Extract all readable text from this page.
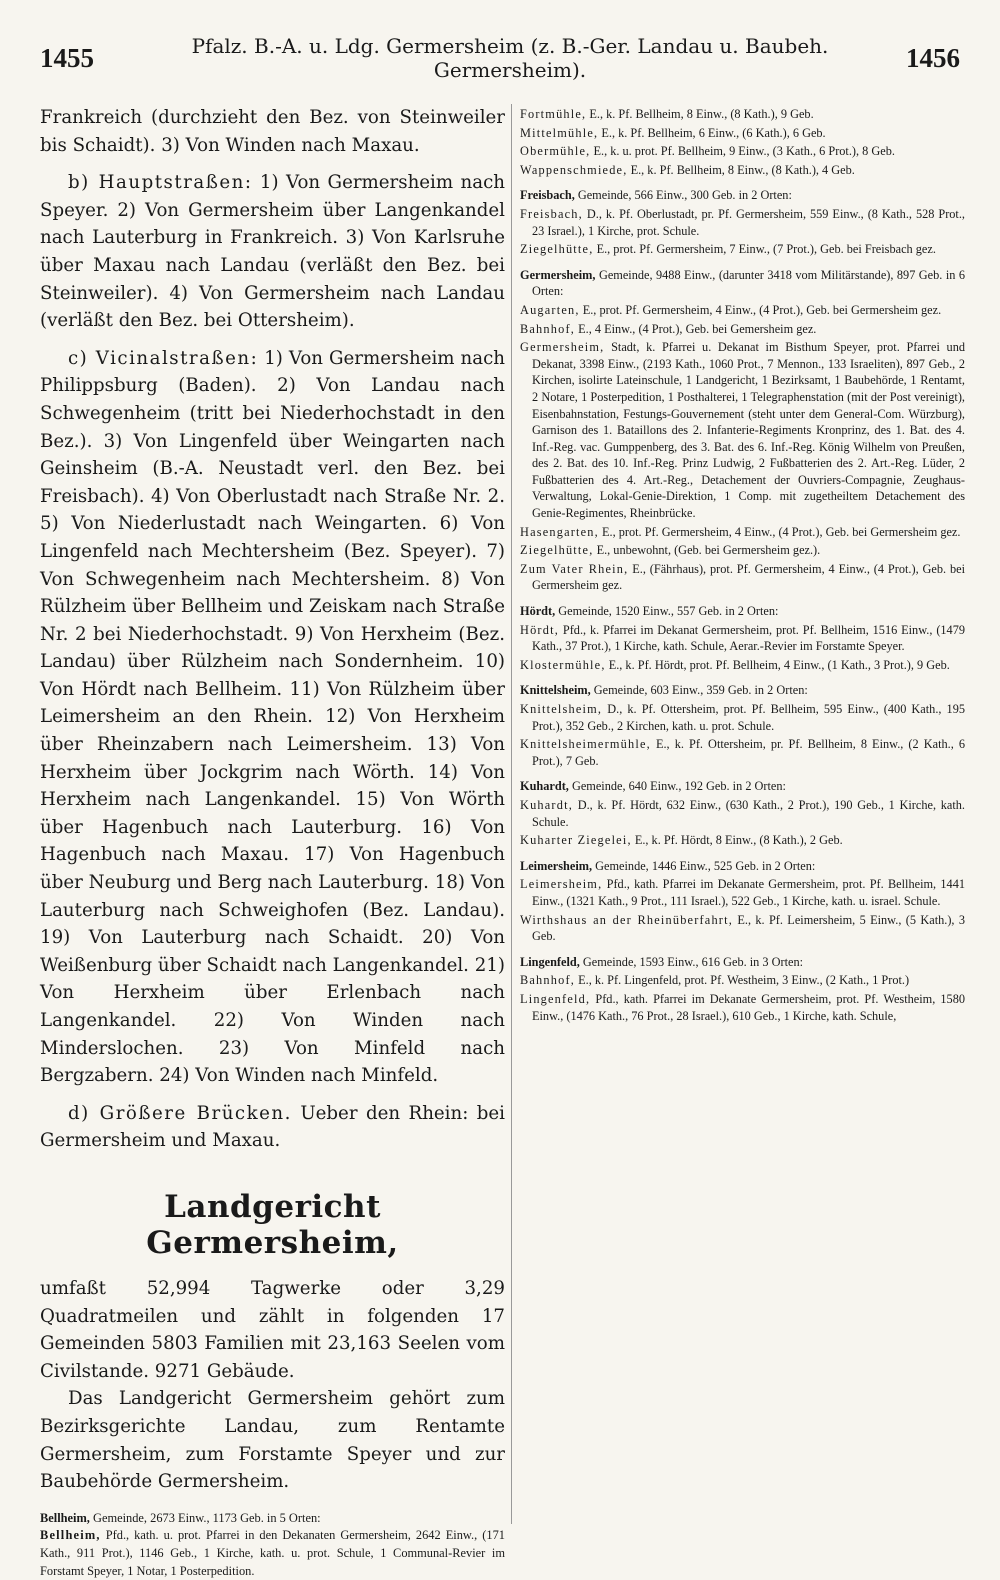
1455	Pfalz. B.-A. u. Ldg. Germersheim (z. B.-Ger. Landau u. Baubeh. Germersheim).	1456

Frankreich (durchzieht den Bez. von Steinweiler bis Schaidt). 3) Von Winden nach Maxau.

b) Hauptstraßen: 1) Von Germersheim nach Speyer. 2) Von Germersheim über Langenkandel nach Lauterburg in Frankreich. 3) Von Karlsruhe über Maxau nach Landau (verläßt den Bez. bei Steinweiler). 4) Von Germersheim nach Landau (verläßt den Bez. bei Ottersheim).

c) Vicinalstraßen: 1) Von Germersheim nach Philippsburg (Baden). 2) Von Landau nach Schwegenheim (tritt bei Niederhochstadt in den Bez.). 3) Von Lingenfeld über Weingarten nach Geinsheim (B.-A. Neustadt verl. den Bez. bei Freisbach). 4) Von Oberlustadt nach Straße Nr. 2. 5) Von Niederlustadt nach Weingarten. 6) Von Lingenfeld nach Mechtersheim (Bez. Speyer). 7) Von Schwegenheim nach Mechtersheim. 8) Von Rülzheim über Bellheim und Zeiskam nach Straße Nr. 2 bei Niederhochstadt. 9) Von Herxheim (Bez. Landau) über Rülzheim nach Sondernheim. 10) Von Hördt nach Bellheim. 11) Von Rülzheim über Leimersheim an den Rhein. 12) Von Herxheim über Rheinzabern nach Leimersheim. 13) Von Herxheim über Jockgrim nach Wörth. 14) Von Herxheim nach Langenkandel. 15) Von Wörth über Hagenbuch nach Lauterburg. 16) Von Hagenbuch nach Maxau. 17) Von Hagenbuch über Neuburg und Berg nach Lauterburg. 18) Von Lauterburg nach Schweighofen (Bez. Landau). 19) Von Lauterburg nach Schaidt. 20) Von Weißenburg über Schaidt nach Langenkandel. 21) Von Herxheim über Erlenbach nach Langenkandel. 22) Von Winden nach Minderslochen. 23) Von Minfeld nach Bergzabern. 24) Von Winden nach Minfeld.

d) Größere Brücken. Ueber den Rhein: bei Germersheim und Maxau.

Landgericht Germersheim,

umfaßt 52,994 Tagwerke oder 3,29 Quadratmeilen und zählt in folgenden 17 Gemeinden 5803 Familien mit 23,163 Seelen vom Civilstande. 9271 Gebäude.

Das Landgericht Germersheim gehört zum Bezirksgerichte Landau, zum Rentamte Germersheim, zum Forstamte Speyer und zur Baubehörde Germersheim.

Bellheim, Gemeinde, 2673 Einw., 1173 Geb. in 5 Orten:

Bellheim, Pfd., kath. u. prot. Pfarrei in den Dekanaten Germersheim, 2642 Einw., (171 Kath., 911 Prot.), 1146 Geb., 1 Kirche, kath. u. prot. Schule, 1 Communal-Revier im Forstamt Speyer, 1 Notar, 1 Posterpedition.

Fortmühle, E., k. Pf. Bellheim, 8 Einw., (8 Kath.), 9 Geb.

Mittelmühle, E., k. Pf. Bellheim, 6 Einw., (6 Kath.), 6 Geb.

Obermühle, E., k. u. prot. Pf. Bellheim, 9 Einw., (3 Kath., 6 Prot.), 8 Geb.

Wappenschmiede, E., k. Pf. Bellheim, 8 Einw., (8 Kath.), 4 Geb.

Freisbach, Gemeinde, 566 Einw., 300 Geb. in 2 Orten:

Freisbach, D., k. Pf. Oberlustadt, pr. Pf. Germersheim, 559 Einw., (8 Kath., 528 Prot., 23 Israel.), 1 Kirche, prot. Schule.

Ziegelhütte, E., prot. Pf. Germersheim, 7 Einw., (7 Prot.), Geb. bei Freisbach gez.

Germersheim, Gemeinde, 9488 Einw., (darunter 3418 vom Militärstande), 897 Geb. in 6 Orten:

Augarten, E., prot. Pf. Germersheim, 4 Einw., (4 Prot.), Geb. bei Germersheim gez.

Bahnhof, E., 4 Einw., (4 Prot.), Geb. bei Gemersheim gez.

Germersheim, Stadt, k. Pfarrei u. Dekanat im Bisthum Speyer, prot. Pfarrei und Dekanat, 3398 Einw., (2193 Kath., 1060 Prot., 7 Mennon., 133 Israeliten), 897 Geb., 2 Kirchen, isolirte Lateinschule, 1 Landgericht, 1 Bezirksamt, 1 Baubehörde, 1 Rentamt, 2 Notare, 1 Posterpedition, 1 Posthalterei, 1 Telegraphenstation (mit der Post vereinigt), Eisenbahnstation, Festungs-Gouvernement (steht unter dem General-Com. Würzburg), Garnison des 1. Bataillons des 2. Infanterie-Regiments Kronprinz, des 1. Bat. des 4. Inf.-Reg. vac. Gumppenberg, des 3. Bat. des 6. Inf.-Reg. König Wilhelm von Preußen, des 2. Bat. des 10. Inf.-Reg. Prinz Ludwig, 2 Fußbatterien des 2. Art.-Reg. Lüder, 2 Fußbatterien des 4. Art.-Reg., Detachement der Ouvriers-Compagnie, Zeughaus-Verwaltung, Lokal-Genie-Direktion, 1 Comp. mit zugetheiltem Detachement des Genie-Regimentes, Rheinbrücke.

Hasengarten, E., prot. Pf. Germersheim, 4 Einw., (4 Prot.), Geb. bei Germersheim gez.

Ziegelhütte, E., unbewohnt, (Geb. bei Germersheim gez.).

Zum Vater Rhein, E., (Fährhaus), prot. Pf. Germersheim, 4 Einw., (4 Prot.), Geb. bei Germersheim gez.

Hördt, Gemeinde, 1520 Einw., 557 Geb. in 2 Orten:

Hördt, Pfd., k. Pfarrei im Dekanat Germersheim, prot. Pf. Bellheim, 1516 Einw., (1479 Kath., 37 Prot.), 1 Kirche, kath. Schule, Aerar.-Revier im Forstamte Speyer.

Klostermühle, E., k. Pf. Hördt, prot. Pf. Bellheim, 4 Einw., (1 Kath., 3 Prot.), 9 Geb.

Knittelsheim, Gemeinde, 603 Einw., 359 Geb. in 2 Orten:

Knittelsheim, D., k. Pf. Ottersheim, prot. Pf. Bellheim, 595 Einw., (400 Kath., 195 Prot.), 352 Geb., 2 Kirchen, kath. u. prot. Schule.

Knittelsheimermühle, E., k. Pf. Ottersheim, pr. Pf. Bellheim, 8 Einw., (2 Kath., 6 Prot.), 7 Geb.

Kuhardt, Gemeinde, 640 Einw., 192 Geb. in 2 Orten:

Kuhardt, D., k. Pf. Hördt, 632 Einw., (630 Kath., 2 Prot.), 190 Geb., 1 Kirche, kath. Schule.

Kuharter Ziegelei, E., k. Pf. Hördt, 8 Einw., (8 Kath.), 2 Geb.

Leimersheim, Gemeinde, 1446 Einw., 525 Geb. in 2 Orten:

Leimersheim, Pfd., kath. Pfarrei im Dekanate Germersheim, prot. Pf. Bellheim, 1441 Einw., (1321 Kath., 9 Prot., 111 Israel.), 522 Geb., 1 Kirche, kath. u. israel. Schule.

Wirthshaus an der Rheinüberfahrt, E., k. Pf. Leimersheim, 5 Einw., (5 Kath.), 3 Geb.

Lingenfeld, Gemeinde, 1593 Einw., 616 Geb. in 3 Orten:

Bahnhof, E., k. Pf. Lingenfeld, prot. Pf. Westheim, 3 Einw., (2 Kath., 1 Prot.)

Lingenfeld, Pfd., kath. Pfarrei im Dekanate Germersheim, prot. Pf. Westheim, 1580 Einw., (1476 Kath., 76 Prot., 28 Israel.), 610 Geb., 1 Kirche, kath. Schule,
